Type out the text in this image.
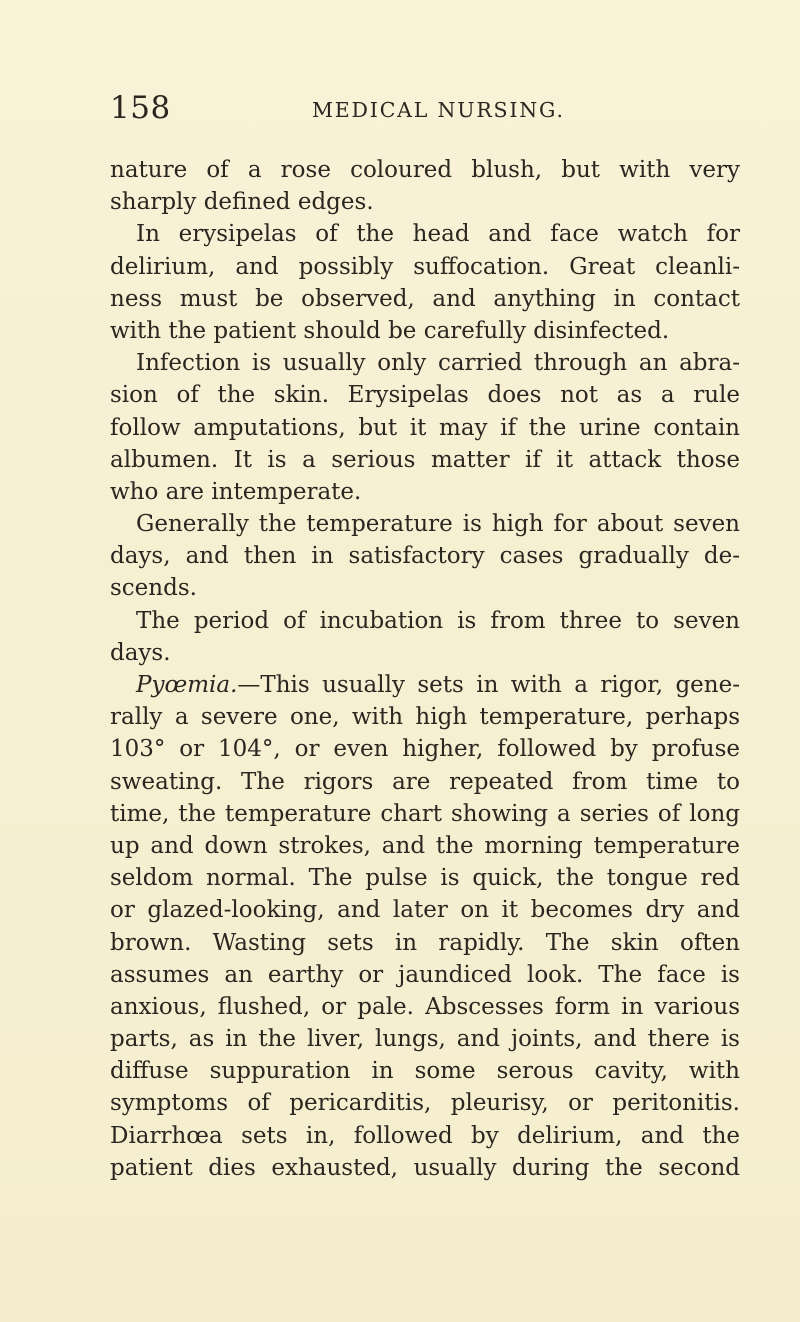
158	MEDICAL NURSING.
nature of a rose coloured blush, but with very
sharply defined edges.
In erysipelas of the head and face watch for
delirium, and possibly suffocation. Great cleanli-
ness must be observed, and anything in contact
with the patient should be carefully disinfected.
Infection is usually only carried through an abra-
sion of the skin. Erysipelas does not as a rule
follow amputations, but it may if the urine contain
albumen. It is a serious matter if it attack those
who are intemperate.
Generally the temperature is high for about seven
days, and then in satisfactory cases gradually de-
scends.
The period of incubation is from three to seven
days.
Pyœmia.—This usually sets in with a rigor, gene-
rally a severe one, with high temperature, perhaps
103° or 104°, or even higher, followed by profuse
sweating. The rigors are repeated from time to
time, the temperature chart showing a series of long
up and down strokes, and the morning temperature
seldom normal. The pulse is quick, the tongue red
or glazed-looking, and later on it becomes dry and
brown. Wasting sets in rapidly. The skin often
assumes an earthy or jaundiced look. The face is
anxious, flushed, or pale. Abscesses form in various
parts, as in the liver, lungs, and joints, and there is
diffuse suppuration in some serous cavity, with
symptoms of pericarditis, pleurisy, or peritonitis.
Diarrhœa sets in, followed by delirium, and the
patient dies exhausted, usually during the second
